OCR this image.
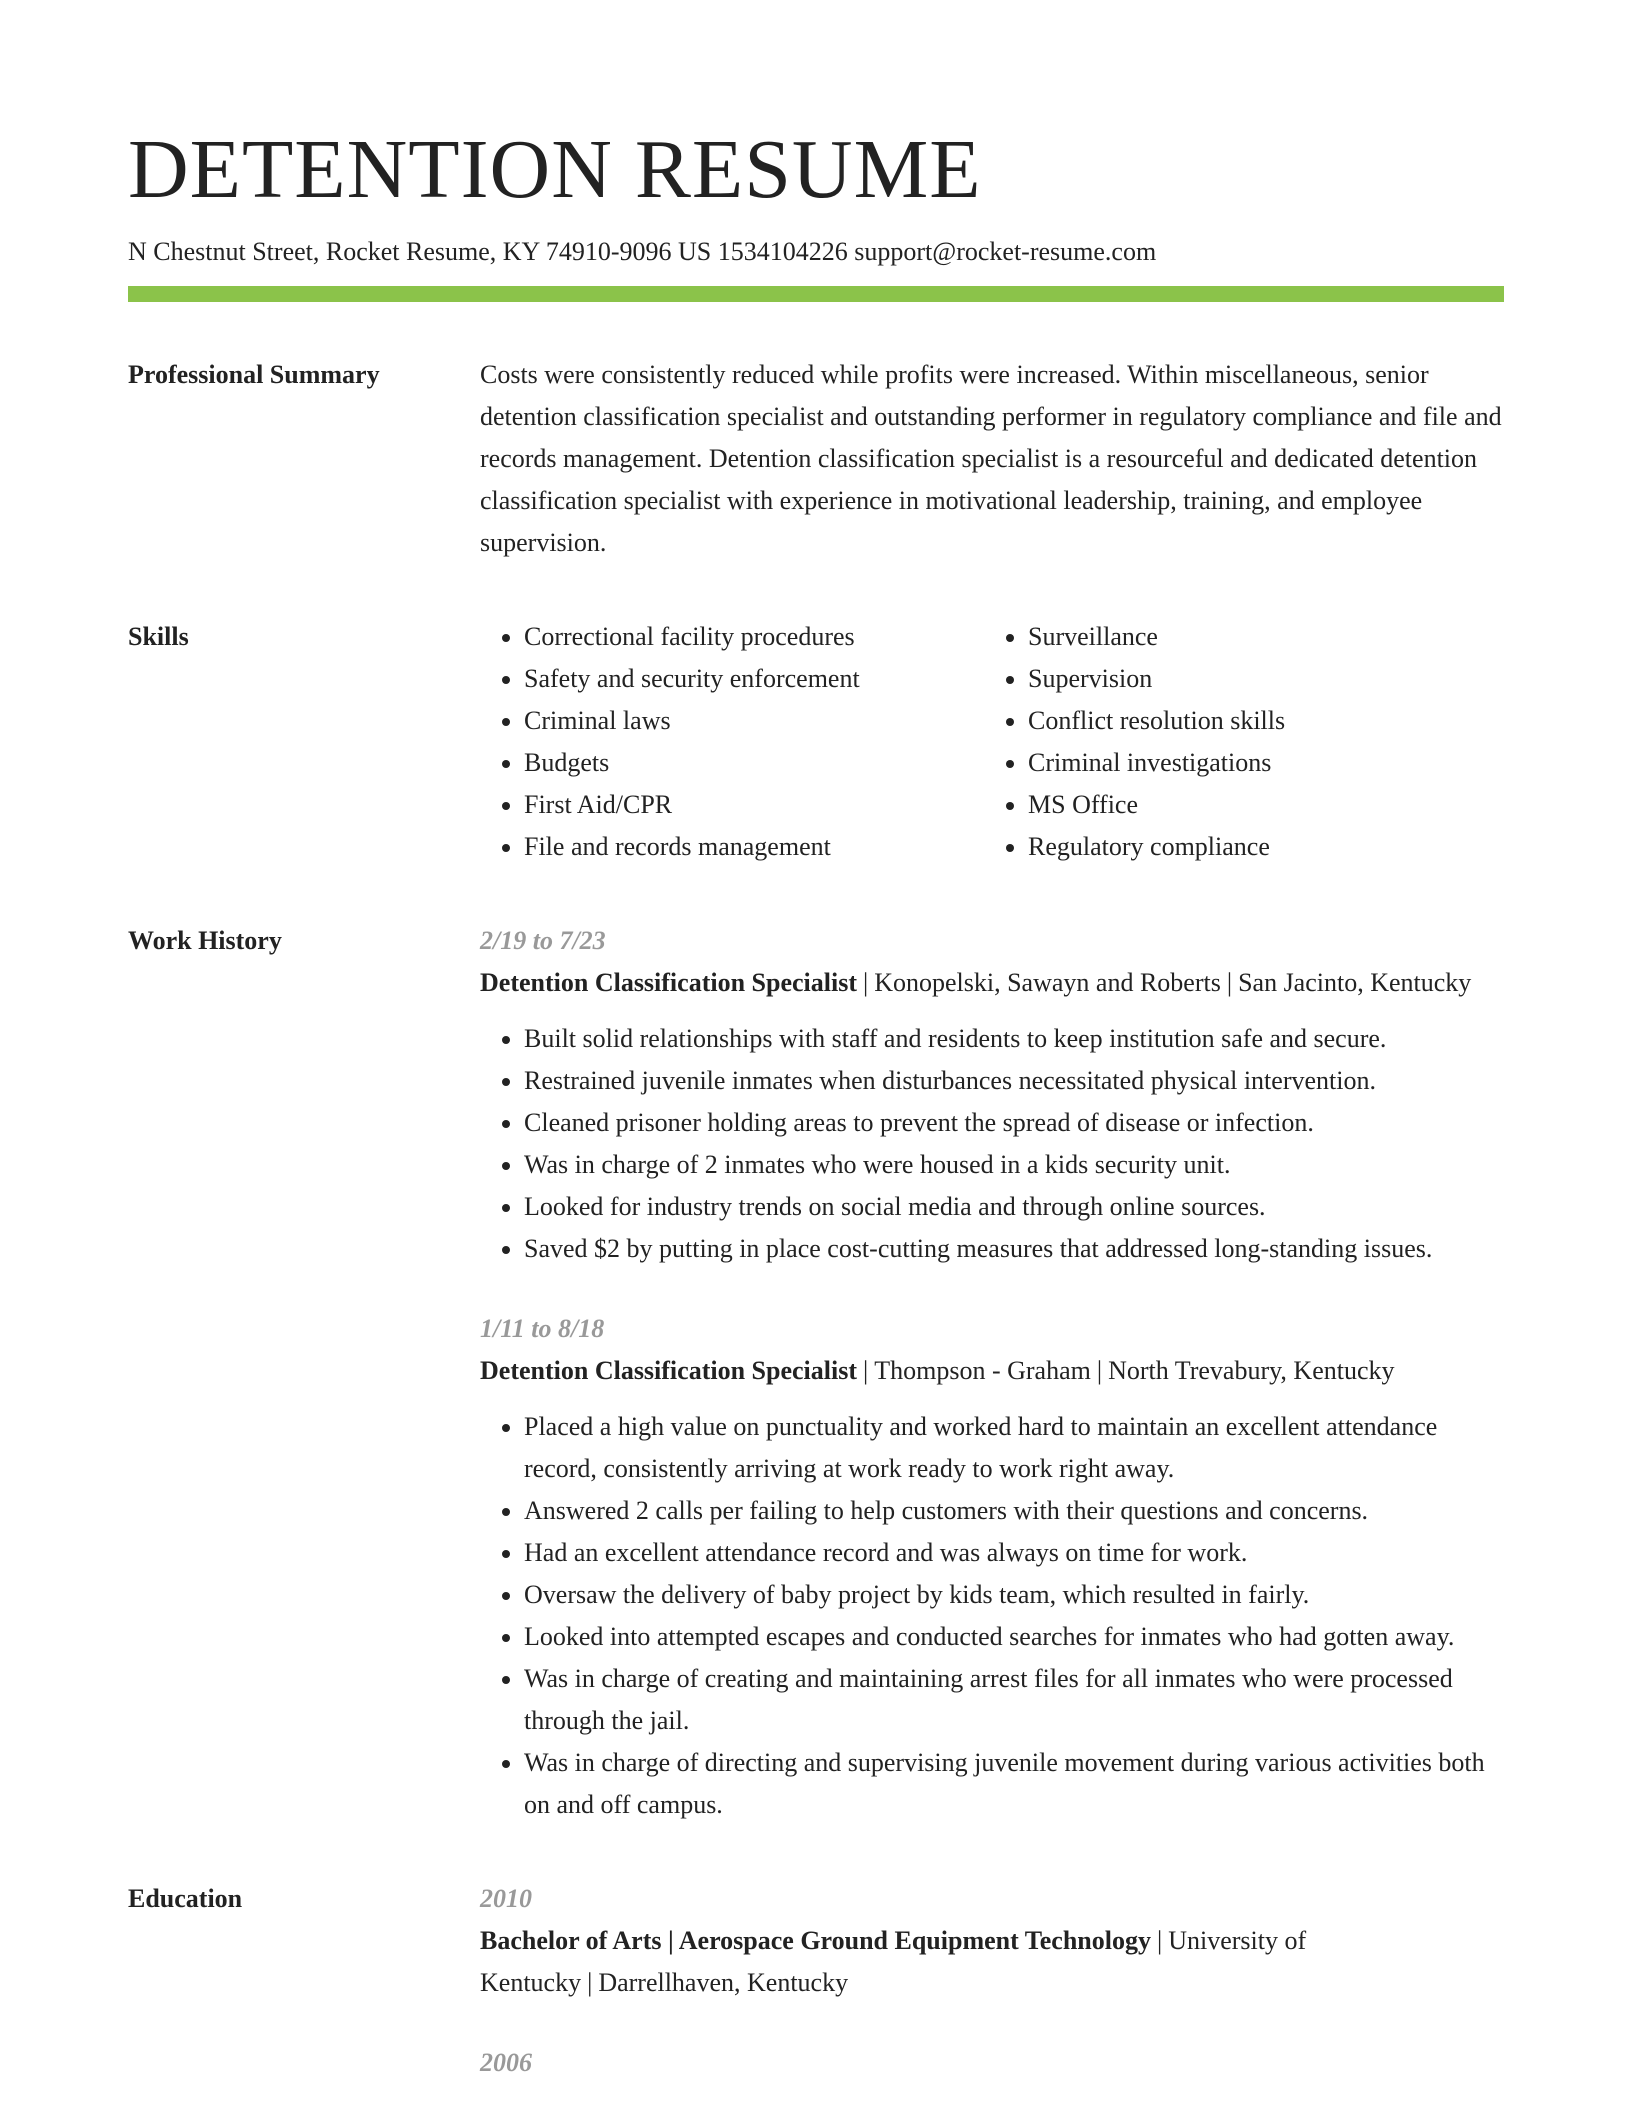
DETENTION RESUME
N Chestnut Street, Rocket Resume, KY 74910-9096 US 1534104226 support@rocket-resume.com
Professional Summary	Costs were consistently reduced while profits were increased. Within miscellaneous, senior detention classification specialist and outstanding performer in regulatory compliance and file and records management. Detention classification specialist is a resourceful and dedicated detention classification specialist with experience in motivational leadership, training, and employee supervision.

Skills
•	Correctional facility procedures
• Safety and security enforcement
• Criminal laws
• Budgets
• First Aid/CPR
• File and records management
• Surveillance
• Supervision
• Conflict resolution skills
• Criminal investigations
• MS Office
• Regulatory compliance
Work History	2/19 to 7/23
Detention Classification Specialist | Konopelski, Sawayn and Roberts | San Jacinto, Kentucky
• Built solid relationships with staff and residents to keep institution safe and secure.
• Restrained juvenile inmates when disturbances necessitated physical intervention.
• Cleaned prisoner holding areas to prevent the spread of disease or infection.
• Was in charge of 2 inmates who were housed in a kids security unit.
• Looked for industry trends on social media and through online sources.
• Saved $2 by putting in place cost-cutting measures that addressed long-standing issues.
1/11 to 8/18
Detention Classification Specialist | Thompson - Graham | North Trevabury, Kentucky
• Placed a high value on punctuality and worked hard to maintain an excellent attendance record, consistently arriving at work ready to work right away.
• Answered 2 calls per failing to help customers with their questions and concerns.
• Had an excellent attendance record and was always on time for work.
• Oversaw the delivery of baby project by kids team, which resulted in fairly.
• Looked into attempted escapes and conducted searches for inmates who had gotten away.
• Was in charge of creating and maintaining arrest files for all inmates who were processed through the jail.
• Was in charge of directing and supervising juvenile movement during various activities both on and off campus.
Education	2010
Bachelor of Arts | Aerospace Ground Equipment Technology | University of Kentucky | Darrellhaven, Kentucky
2006
